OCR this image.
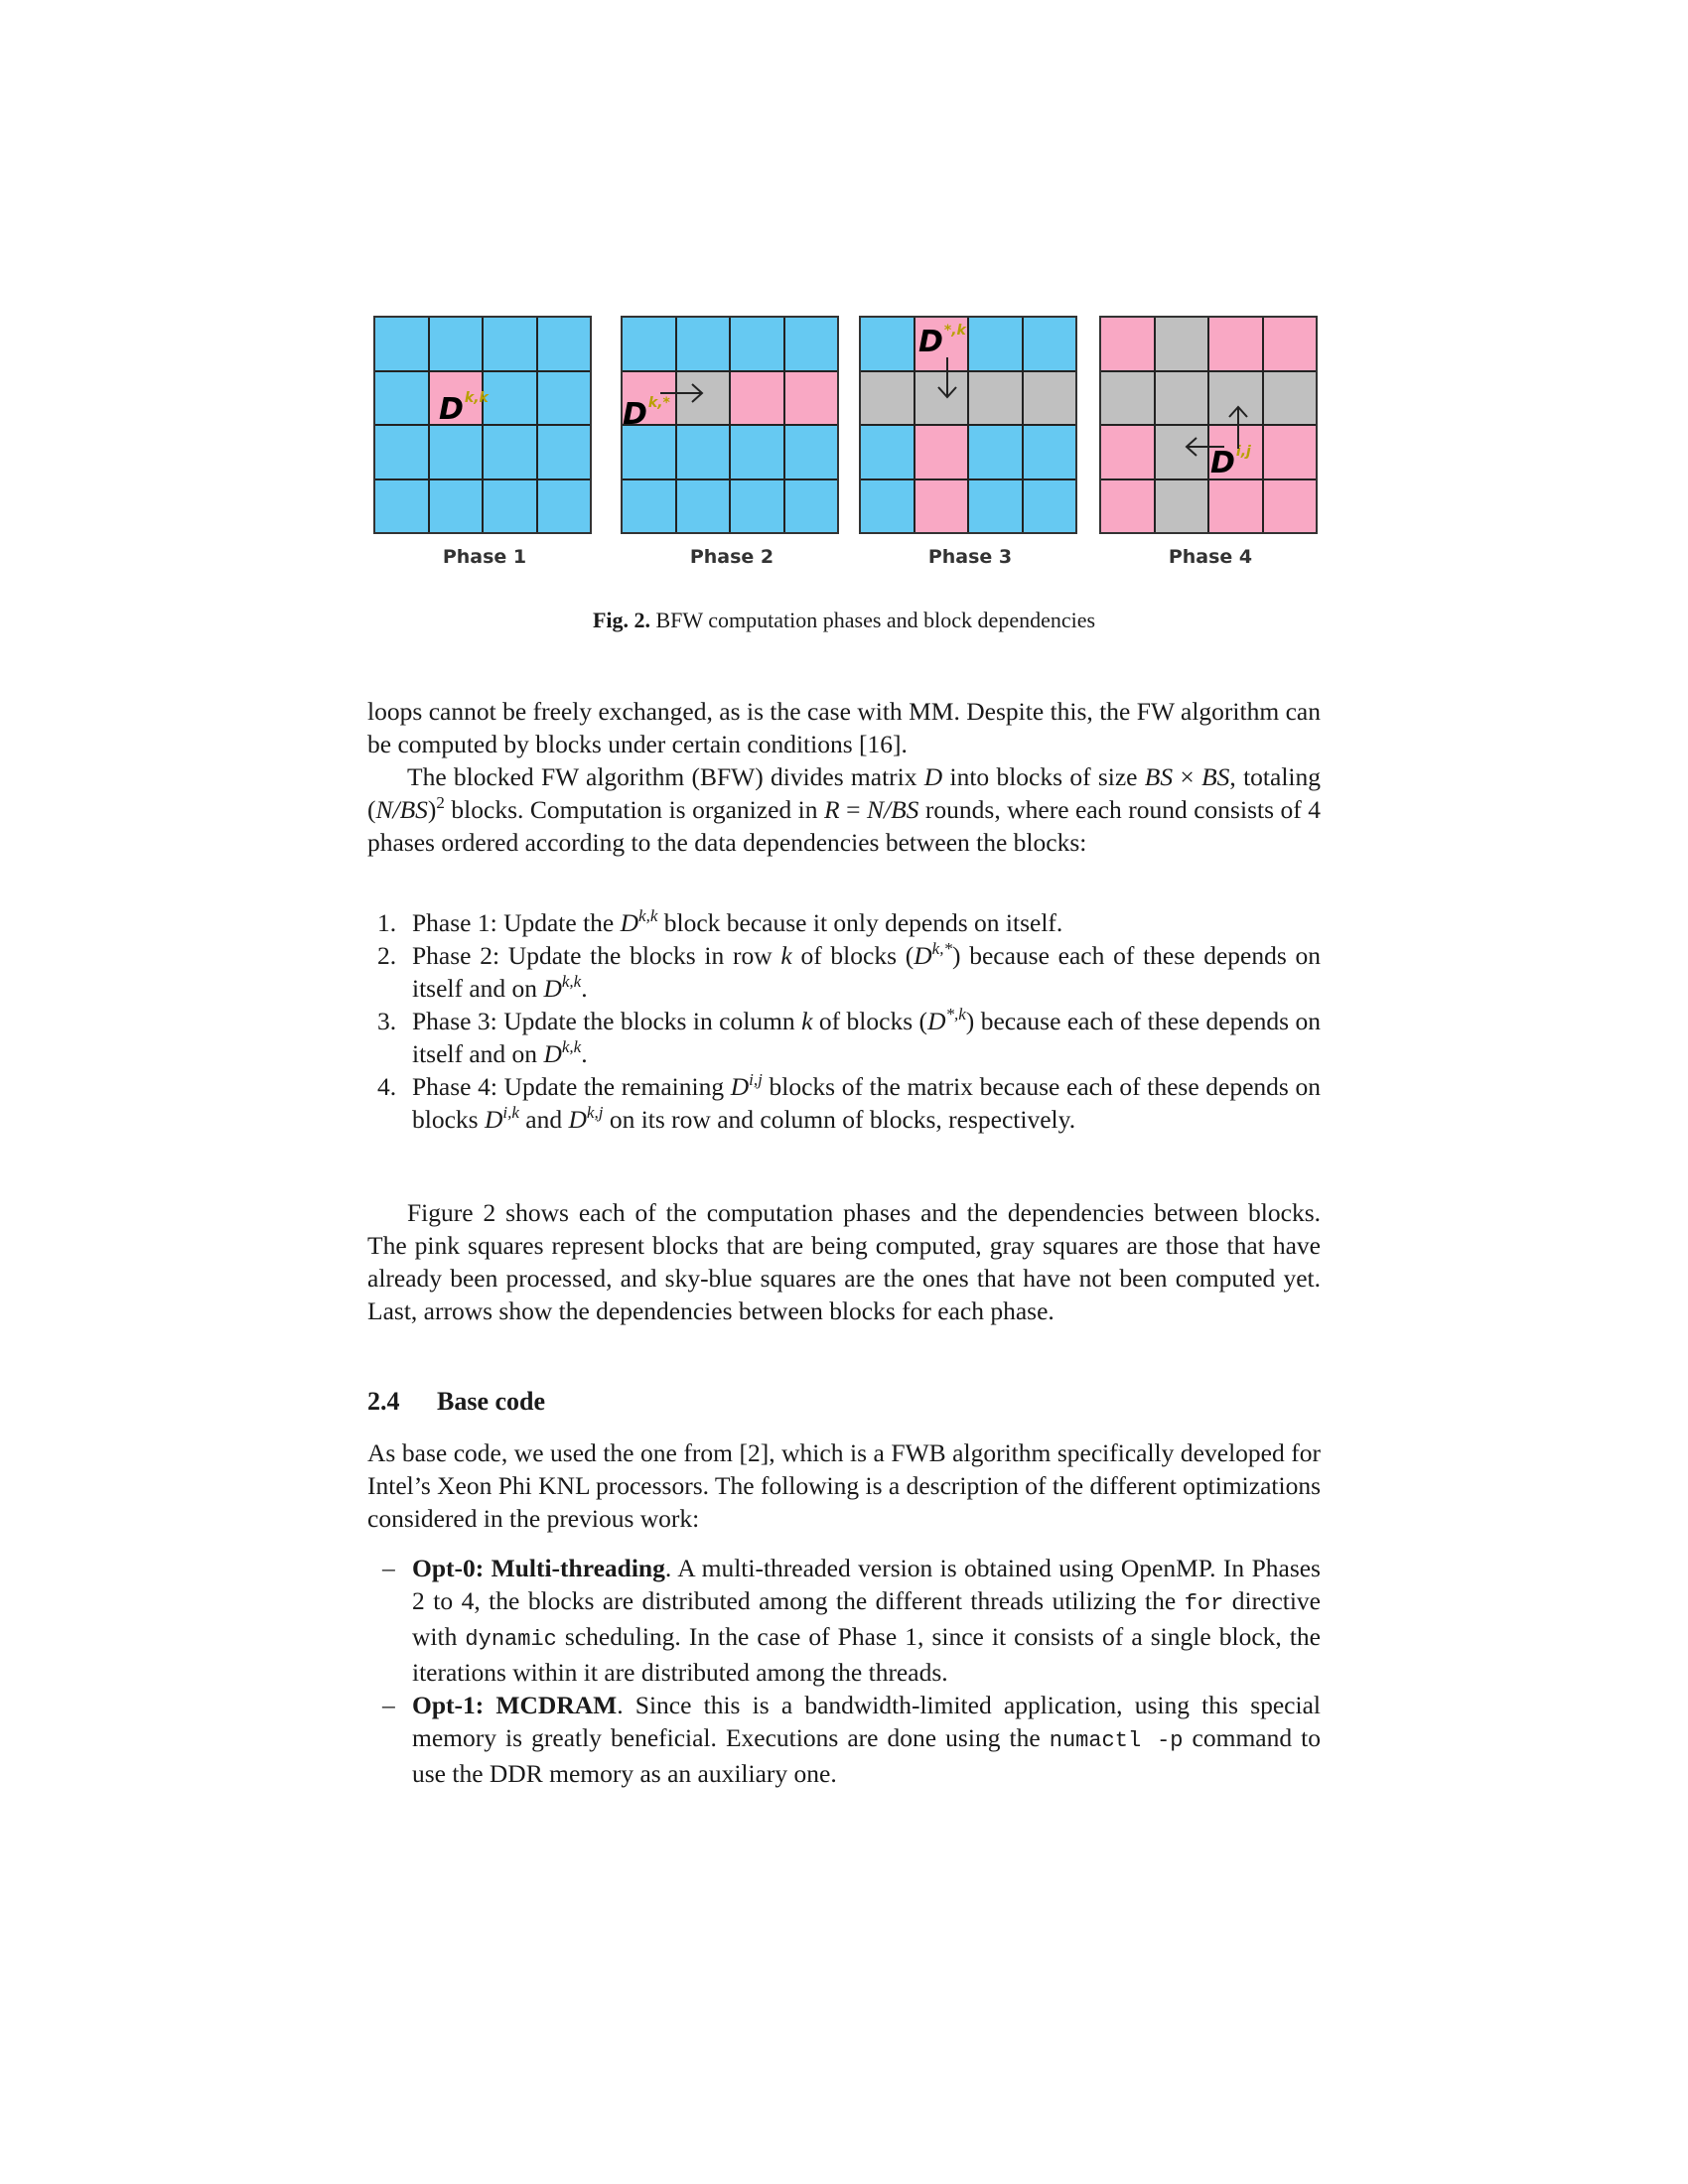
D$^{k,k}$
Phase 1
$D^{k,*}$
Phase 2
$D^{*,k}$
Phase 3
D$^{i,j}$
Phase 4
Fig. 2. BFW computation phases and block dependencies

loops cannot be freely exchanged, as is the case with MM. Despite this, the FW algorithm can be computed by blocks under certain conditions [16].

The blocked FW algorithm (BFW) divides matrix D into blocks of size BS × BS, totaling $(N/BS)^2$ blocks. Computation is organized in R = N/BS rounds, where each round consists of 4 phases ordered according to the data dependencies between the blocks:

1. Phase 1: Update the D$^{k,k}$ block because it only depends on itself.
2. Phase 2: Update the blocks in row k of blocks $(D^{k,*})$ because each of these depends on itself and on D$^{k,k}$.
3. Phase 3: Update the blocks in column k of blocks $(D^{*,k})$ because each of these depends on itself and on D$^{k,k}$.
4. Phase 4: Update the remaining D$^{i,j}$ blocks of the matrix because each of these depends on blocks D$^{i,k}$ and D$^{k,j}$ on its row and column of blocks, respectively.

Figure 2 shows each of the computation phases and the dependencies between blocks. The pink squares represent blocks that are being computed, gray squares are those that have already been processed, and sky-blue squares are the ones that have not been computed yet. Last, arrows show the dependencies between blocks for each phase.

2.4 Base code

As base code, we used the one from [2], which is a FWB algorithm specifically developed for Intel’s Xeon Phi KNL processors. The following is a description of the different optimizations considered in the previous work:

– Opt-0: Multi-threading. A multi-threaded version is obtained using OpenMP. In Phases 2 to 4, the blocks are distributed among the different threads utilizing the for directive with dynamic scheduling. In the case of Phase 1, since it consists of a single block, the iterations within it are distributed among the threads.
– Opt-1: MCDRAM. Since this is a bandwidth-limited application, using this special memory is greatly beneficial. Executions are done using the numactl -p command to use the DDR memory as an auxiliary one.
